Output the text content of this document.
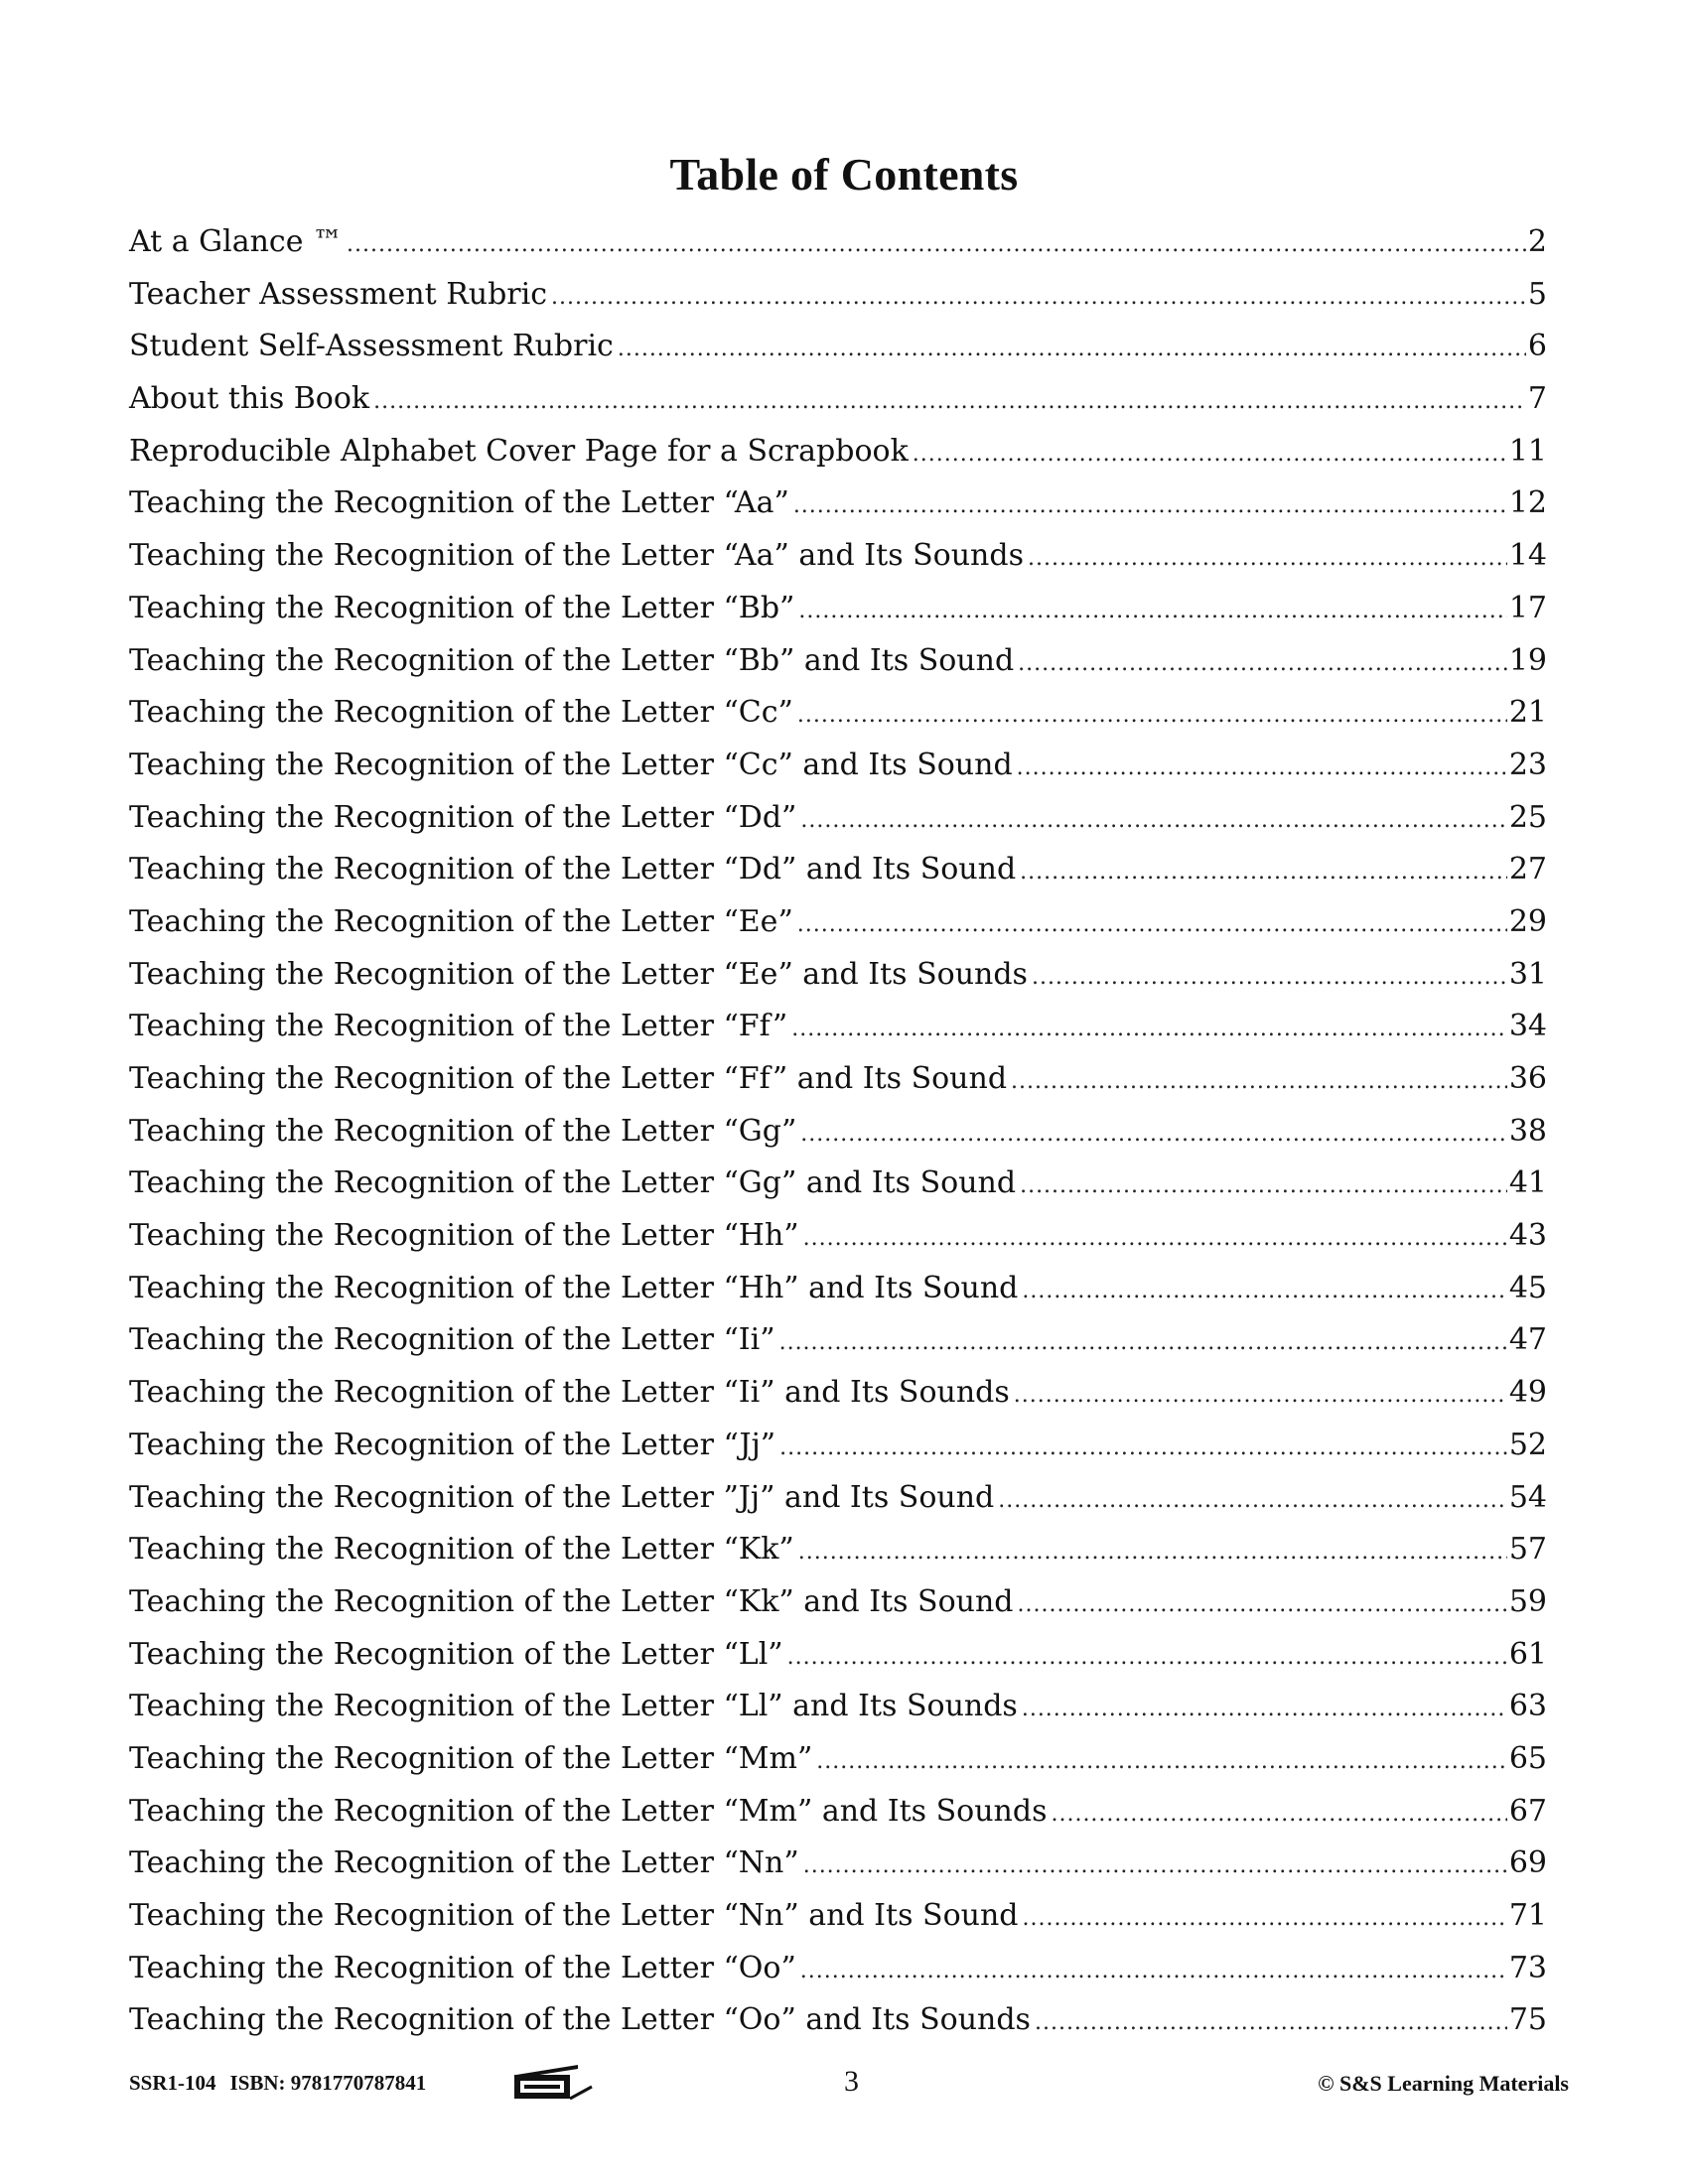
Table of Contents
At a Glance ™ .....	2
Teacher Assessment Rubric .....	5
Student Self-Assessment Rubric .....	6
About this Book .....	7
Reproducible Alphabet Cover Page for a Scrapbook .....	11
Teaching the Recognition of the Letter “Aa” .....	12
Teaching the Recognition of the Letter “Aa” and Its Sounds .....	14
Teaching the Recognition of the Letter “Bb” .....	17
Teaching the Recognition of the Letter “Bb” and Its Sound .....	19
Teaching the Recognition of the Letter “Cc” .....	21
Teaching the Recognition of the Letter “Cc” and Its Sound .....	23
Teaching the Recognition of the Letter “Dd” .....	25
Teaching the Recognition of the Letter “Dd” and Its Sound .....	27
Teaching the Recognition of the Letter “Ee” .....	29
Teaching the Recognition of the Letter “Ee” and Its Sounds .....	31
Teaching the Recognition of the Letter “Ff” .....	34
Teaching the Recognition of the Letter “Ff” and Its Sound .....	36
Teaching the Recognition of the Letter “Gg” .....	38
Teaching the Recognition of the Letter “Gg” and Its Sound .....	41
Teaching the Recognition of the Letter “Hh” .....	43
Teaching the Recognition of the Letter “Hh” and Its Sound .....	45
Teaching the Recognition of the Letter “Ii” .....	47
Teaching the Recognition of the Letter “Ii” and Its Sounds .....	49
Teaching the Recognition of the Letter “Jj” .....	52
Teaching the Recognition of the Letter ”Jj” and Its Sound .....	54
Teaching the Recognition of the Letter “Kk” .....	57
Teaching the Recognition of the Letter “Kk” and Its Sound .....	59
Teaching the Recognition of the Letter “Ll” .....	61
Teaching the Recognition of the Letter “Ll” and Its Sounds .....	63
Teaching the Recognition of the Letter “Mm” .....	65
Teaching the Recognition of the Letter “Mm” and Its Sounds .....	67
Teaching the Recognition of the Letter “Nn” .....	69
Teaching the Recognition of the Letter “Nn” and Its Sound .....	71
Teaching the Recognition of the Letter “Oo” .....	73
Teaching the Recognition of the Letter “Oo” and Its Sounds .....	75
SSR1-104 ISBN: 9781770787841	3	© S&S Learning Materials
